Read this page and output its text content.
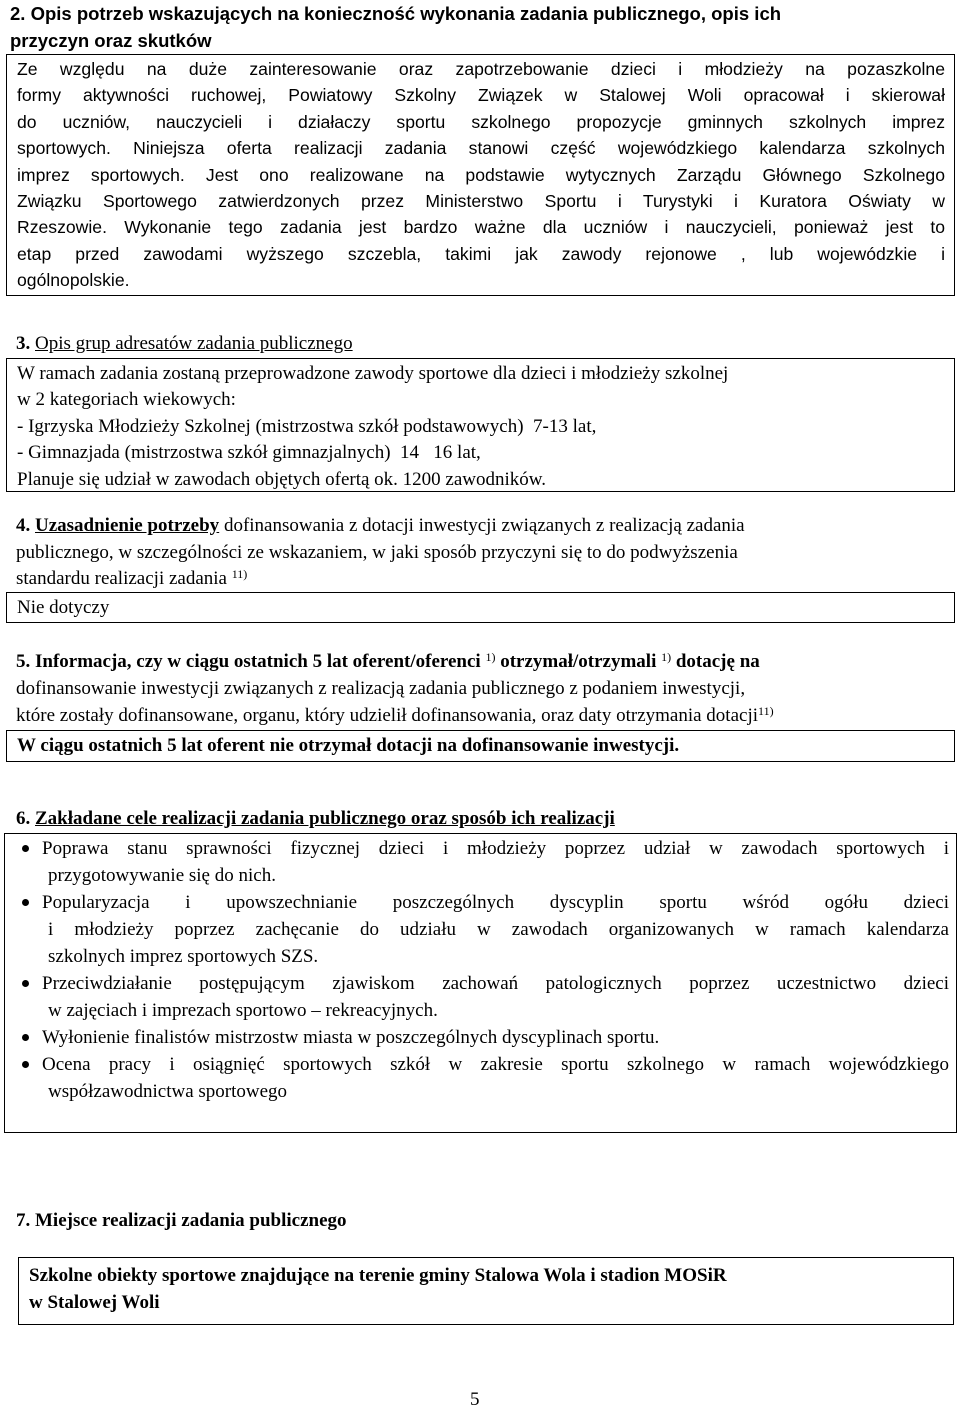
2. Opis potrzeb wskazujących na konieczność wykonania zadania publicznego, opis ich
przyczyn oraz skutków
Ze względu na duże zainteresowanie oraz zapotrzebowanie dzieci i młodzieży na pozaszkolne
formy aktywności ruchowej, Powiatowy Szkolny Związek w Stalowej Woli opracował i skierował
do uczniów, nauczycieli i działaczy sportu szkolnego propozycje gminnych szkolnych imprez
sportowych. Niniejsza oferta realizacji zadania stanowi część wojewódzkiego kalendarza szkolnych
imprez sportowych. Jest ono realizowane na podstawie wytycznych Zarządu Głównego Szkolnego
Związku Sportowego zatwierdzonych przez Ministerstwo Sportu i Turystyki i Kuratora Oświaty w
Rzeszowie. Wykonanie tego zadania jest bardzo ważne dla uczniów i nauczycieli, ponieważ jest to
etap przed zawodami wyższego szczebla, takimi jak zawody rejonowe , lub wojewódzkie i
ogólnopolskie.
3. Opis grup adresatów zadania publicznego
W ramach zadania zostaną przeprowadzone zawody sportowe dla dzieci i młodzieży szkolnej
w 2 kategoriach wiekowych:
- Igrzyska Młodzieży Szkolnej (mistrzostwa szkół podstawowych)  7-13 lat,
- Gimnazjada (mistrzostwa szkół gimnazjalnych)  14   16 lat,
Planuje się udział w zawodach objętych ofertą ok. 1200 zawodników.
4. Uzasadnienie potrzeby dofinansowania z dotacji inwestycji związanych z realizacją zadania
publicznego, w szczególności ze wskazaniem, w jaki sposób przyczyni się to do podwyższenia
standardu realizacji zadania $^{11)}$
Nie dotyczy
5. Informacja, czy w ciągu ostatnich 5 lat oferent/oferenci $^{1)}$ otrzymał/otrzymali $^{1)}$ dotację na
dofinansowanie inwestycji związanych z realizacją zadania publicznego z podaniem inwestycji,
które zostały dofinansowane, organu, który udzielił dofinansowania, oraz daty otrzymania dotacji$^{11)}$
W ciągu ostatnich 5 lat oferent nie otrzymał dotacji na dofinansowanie inwestycji.
6. Zakładane cele realizacji zadania publicznego oraz sposób ich realizacji
Poprawa stanu sprawności fizycznej dzieci i młodzieży poprzez udział w zawodach sportowych i
przygotowywanie się do nich.
Popularyzacja i upowszechnianie poszczególnych dyscyplin sportu wśród ogółu dzieci
i młodzieży poprzez zachęcanie do udziału w zawodach organizowanych w ramach kalendarza
szkolnych imprez sportowych SZS.
Przeciwdziałanie postępującym zjawiskom zachowań patologicznych poprzez uczestnictwo dzieci
w zajęciach i imprezach sportowo – rekreacyjnych.
Wyłonienie finalistów mistrzostw miasta w poszczególnych dyscyplinach sportu.
Ocena pracy i osiągnięć sportowych szkół w zakresie sportu szkolnego w ramach wojewódzkiego
współzawodnictwa sportowego
7. Miejsce realizacji zadania publicznego
Szkolne obiekty sportowe znajdujące na terenie gminy Stalowa Wola i stadion MOSiR
w Stalowej Woli
5
